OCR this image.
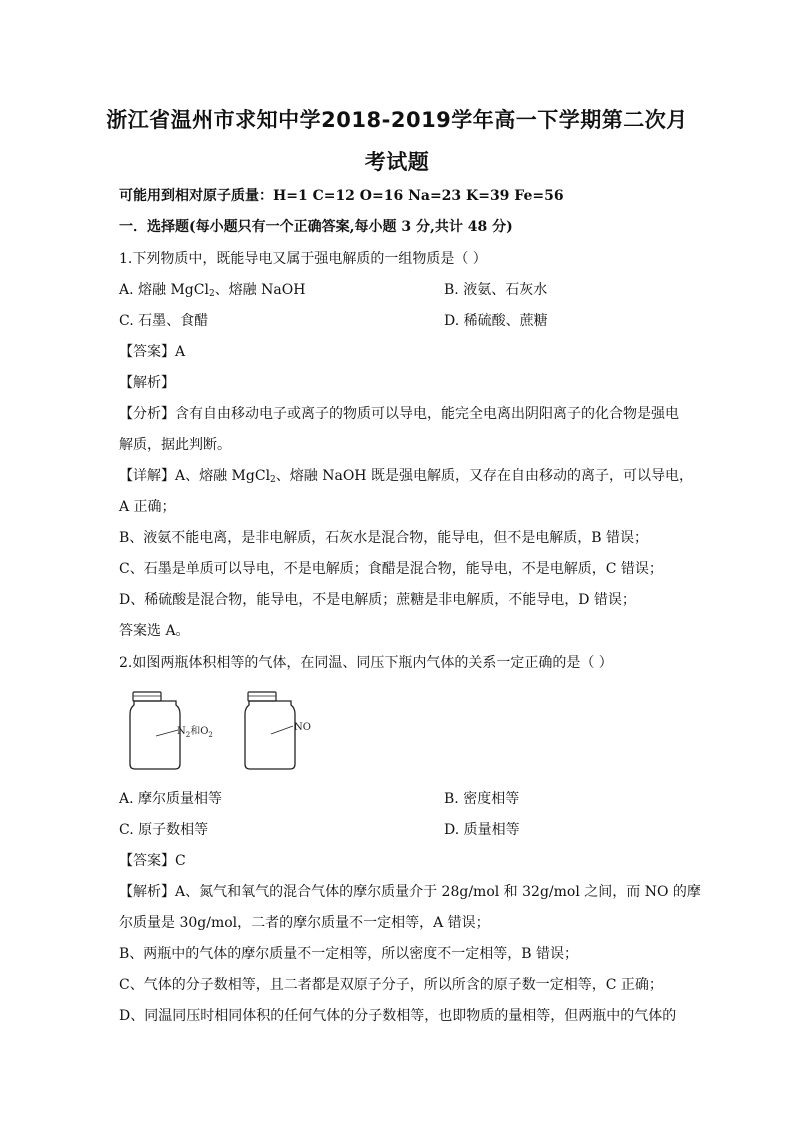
浙江省温州市求知中学2018-2019学年高一下学期第二次月
考试题
可能用到相对原子质量：H=1 C=12 O=16 Na=23 K=39 Fe=56
一．选择题(每小题只有一个正确答案,每小题 3 分,共计 48 分)
1.下列物质中，既能导电又属于强电解质的一组物质是（ ）
A. 熔融 MgCl$_2$、熔融 NaOH	B. 液氨、石灰水
C. 石墨、食醋	D. 稀硫酸、蔗糖
【答案】A
【解析】
【分析】含有自由移动电子或离子的物质可以导电，能完全电离出阴阳离子的化合物是强电
解质，据此判断。
【详解】A、熔融 MgCl$_2$、熔融 NaOH 既是强电解质，又存在自由移动的离子，可以导电，
A 正确；
B、液氨不能电离，是非电解质，石灰水是混合物，能导电，但不是电解质，B 错误；
C、石墨是单质可以导电，不是电解质；食醋是混合物，能导电，不是电解质，C 错误；
D、稀硫酸是混合物，能导电，不是电解质；蔗糖是非电解质，不能导电，D 错误；
答案选 A。
2.如图两瓶体积相等的气体，在同温、同压下瓶内气体的关系一定正确的是（ ）
$N_2$和$O_2$
NO
A. 摩尔质量相等	B. 密度相等
C. 原子数相等	D. 质量相等
【答案】C
【解析】A、氮气和氧气的混合气体的摩尔质量介于 28g/mol 和 32g/mol 之间，而 NO 的摩
尔质量是 30g/mol，二者的摩尔质量不一定相等，A 错误；
B、两瓶中的气体的摩尔质量不一定相等，所以密度不一定相等，B 错误；
C、气体的分子数相等，且二者都是双原子分子，所以所含的原子数一定相等，C 正确；
D、同温同压时相同体积的任何气体的分子数相等，也即物质的量相等，但两瓶中的气体的
